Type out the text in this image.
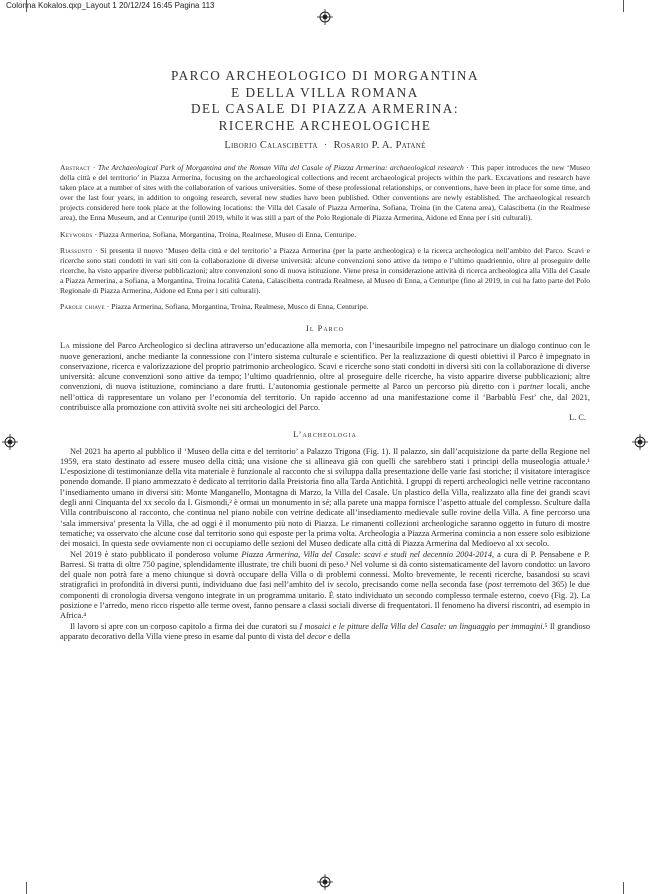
Colonna Kokalos.qxp_Layout 1 20/12/24 16:45 Pagina 113
PARCO ARCHEOLOGICO DI MORGANTINA
E DELLA VILLA ROMANA
DEL CASALE DI PIAZZA ARMERINA:
RICERCHE ARCHEOLOGICHE
Liborio Calascibetta · Rosario P. A. Patané

Abstract · The Archaeological Park of Morgantina and the Roman Villa del Casale of Piazza Armerina: archaeological research · This paper introduces the new ‘Museo della città e del territorio’ in Piazza Armerina, focusing on the archaeological collections and recent archaeological projects within the park. Excavations and research have taken place at a number of sites with the collaboration of various universities. Some of these professional relationships, or conventions, have been in place for some time, and over the last four years, in addition to ongoing research, several new studies have been published. Other conventions are newly established. The archaeological research projects considered here took place at the following locations: the Villa del Casale of Piazza Armerina, Sofiana, Troina (in the Catena area), Calascibetta (in the Realmese area), the Enna Museum, and at Centuripe (until 2019, while it was still a part of the Polo Regionale di Piazza Armerina, Aidone ed Enna per i siti culturali).

Keywords · Piazza Armerina, Sofiana, Morgantina, Troina, Realmese, Museo di Enna, Centuripe.

Riassunto · Si presenta il nuovo ‘Museo della città e del territorio’ a Piazza Armerina (per la parte archeologica) e la ricerca archeologica nell’ambito del Parco. Scavi e ricerche sono stati condotti in vari siti con la collaborazione di diverse università: alcune convenzioni sono attive da tempo e l’ultimo quadriennio, oltre al proseguire delle ricerche, ha visto apparire diverse pubblicazioni; altre convenzioni sono di nuova istituzione. Viene presa in considerazione attività di ricerca archeologica alla Villa del Casale a Piazza Armerina, a Sofiana, a Morgantina, Troina località Catena, Calascibetta contrada Realmese, al Museo di Enna, a Centuripe (fino al 2019, in cui ha fatto parte del Polo Regionale di Piazza Armerina, Aidone ed Enna per i siti culturali).

Parole chiave · Piazza Armerina, Sofiana, Morgantina, Troina, Realmese, Musco di Enna, Centuripe.

Il Parco

La missione del Parco Archeologico si declina attraverso un’educazione alla memoria, con l’inesauribile impegno nel patrocinare un dialogo continuo con le nuove generazioni, anche mediante la connessione con l’intero sistema culturale e scientifico. Per la realizzazione di questi obiettivi il Parco è impegnato in conservazione, ricerca e valorizzazione del proprio patrimonio archeologico. Scavi e ricerche sono stati condotti in diversi siti con la collaborazione di diverse università: alcune convenzioni sono attive da tempo; l’ultimo quadriennio, oltre al proseguire delle ricerche, ha visto apparire diverse pubblicazioni; altre convenzioni, di nuova istituzione, cominciano a dare frutti. L’autonomia gestionale permette al Parco un percorso più diretto con i partner locali, anche nell’ottica di rappresentare un volano per l’economia del territorio. Un rapido accenno ad una manifestazione come il ‘Barbablù Fest’ che, dal 2021, contribuisce alla promozione con attività svolte nei siti archeologici del Parco.

L. C.
L’archeologia

Nel 2021 ha aperto al pubblico il ‘Museo della citta e del territorio’ a Palazzo Trigona (Fig. 1). Il palazzo, sin dall’acquisizione da parte della Regione nel 1959, era stato destinato ad essere museo della città; una visione che si allineava già con quelli che sarebbero stati i principi della museologia attuale.¹ L’esposizione di testimonianze della vita materiale è funzionale al racconto che si sviluppa dalla presentazione delle varie fasi storiche; il visitatore interagisce ponendo domande. Il piano ammezzato è dedicato al territorio dalla Preistoria fino alla Tarda Antichità. I gruppi di reperti archeologici nelle vetrine raccontano l’insediamento umano in diversi siti: Monte Manganello, Montagna di Marzo, la Villa del Casale. Un plastico della Villa, realizzato alla fine dei grandi scavi degli anni Cinquanta del xx secolo da I. Gismondi,² è ormai un monumento in sé; alla parete una mappa fornisce l’aspetto attuale del complesso. Sculture dalla Villa contribuiscono al racconto, che continua nel piano nobile con vetrine dedicate all’insediamento medievale sulle rovine della Villa. A fine percorso una ‘sala immersiva’ presenta la Villa, che ad oggi è il monumento più noto di Piazza. Le rimanenti collezioni archeologiche saranno oggetto in futuro di mostre tematiche; va osservato che alcune cose dal territorio sono qui esposte per la prima volta. Archeologia a Piazza Armerina comincia a non essere solo esibizione dei mosaici. In questa sede ovviamente non ci occupiamo delle sezioni del Museo dedicate alla città di Piazza Armerina dal Medioevo al xx secolo.

Nel 2019 è stato pubblicato il ponderoso volume Piazza Armerina, Villa del Casale: scavi e studi nel decennio 2004-2014, a cura di P. Pensabene e P. Barresi. Si tratta di oltre 750 pagine, splendidamente illustrate, tre chili buoni di peso.³ Nel volume si dà conto sistematicamente del lavoro condotto: un lavoro del quale non potrà fare a meno chiunque si dovrà occupare della Villa o di problemi connessi. Molto brevemente, le recenti ricerche, basandosi su scavi stratigrafici in profondità in diversi punti, individuano due fasi nell’ambito del iv secolo, precisando come nella seconda fase (post terremoto del 365) le due componenti di cronologia diversa vengono integrate in un programma unitario. È stato individuato un secondo complesso termale esterno, coevo (Fig. 2). La posizione e l’arredo, meno ricco rispetto alle terme ovest, fanno pensare a classi sociali diverse di frequentatori. Il fenomeno ha diversi riscontri, ad esempio in Africa.⁴

Il lavoro si apre con un corposo capitolo a firma dei due curatori su I mosaici e le pitture della Villa del Casale: un linguaggio per immagini.⁵ Il grandioso apparato decorativo della Villa viene preso in esame dal punto di vista del decor e della
